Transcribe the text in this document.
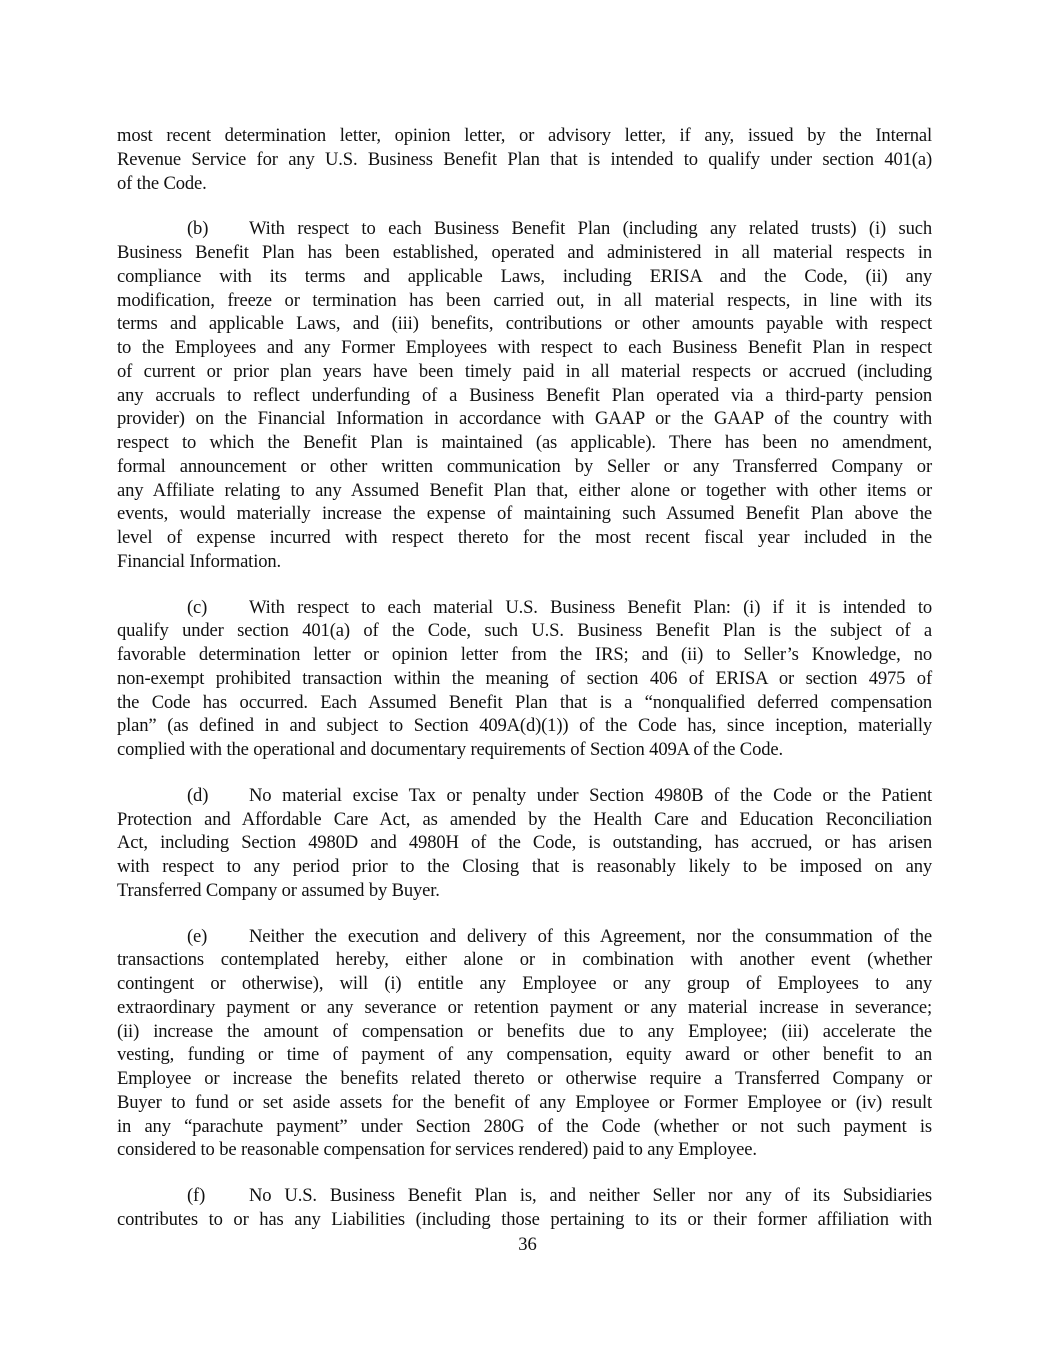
most recent determination letter, opinion letter, or advisory letter, if any, issued by the Internal
Revenue Service for any U.S. Business Benefit Plan that is intended to qualify under section 401(a)
of the Code.

(b) With respect to each Business Benefit Plan (including any related trusts) (i) such
Business Benefit Plan has been established, operated and administered in all material respects in
compliance with its terms and applicable Laws, including ERISA and the Code, (ii) any
modification, freeze or termination has been carried out, in all material respects, in line with its
terms and applicable Laws, and (iii) benefits, contributions or other amounts payable with respect
to the Employees and any Former Employees with respect to each Business Benefit Plan in respect
of current or prior plan years have been timely paid in all material respects or accrued (including
any accruals to reflect underfunding of a Business Benefit Plan operated via a third-party pension
provider) on the Financial Information in accordance with GAAP or the GAAP of the country with
respect to which the Benefit Plan is maintained (as applicable). There has been no amendment,
formal announcement or other written communication by Seller or any Transferred Company or
any Affiliate relating to any Assumed Benefit Plan that, either alone or together with other items or
events, would materially increase the expense of maintaining such Assumed Benefit Plan above the
level of expense incurred with respect thereto for the most recent fiscal year included in the
Financial Information.

(c) With respect to each material U.S. Business Benefit Plan: (i) if it is intended to
qualify under section 401(a) of the Code, such U.S. Business Benefit Plan is the subject of a
favorable determination letter or opinion letter from the IRS; and (ii) to Seller’s Knowledge, no
non-exempt prohibited transaction within the meaning of section 406 of ERISA or section 4975 of
the Code has occurred. Each Assumed Benefit Plan that is a “nonqualified deferred compensation
plan” (as defined in and subject to Section 409A(d)(1)) of the Code has, since inception, materially
complied with the operational and documentary requirements of Section 409A of the Code.

(d) No material excise Tax or penalty under Section 4980B of the Code or the Patient
Protection and Affordable Care Act, as amended by the Health Care and Education Reconciliation
Act, including Section 4980D and 4980H of the Code, is outstanding, has accrued, or has arisen
with respect to any period prior to the Closing that is reasonably likely to be imposed on any
Transferred Company or assumed by Buyer.

(e) Neither the execution and delivery of this Agreement, nor the consummation of the
transactions contemplated hereby, either alone or in combination with another event (whether
contingent or otherwise), will (i) entitle any Employee or any group of Employees to any
extraordinary payment or any severance or retention payment or any material increase in severance;
(ii) increase the amount of compensation or benefits due to any Employee; (iii) accelerate the
vesting, funding or time of payment of any compensation, equity award or other benefit to an
Employee or increase the benefits related thereto or otherwise require a Transferred Company or
Buyer to fund or set aside assets for the benefit of any Employee or Former Employee or (iv) result
in any “parachute payment” under Section 280G of the Code (whether or not such payment is
considered to be reasonable compensation for services rendered) paid to any Employee.

(f) No U.S. Business Benefit Plan is, and neither Seller nor any of its Subsidiaries
contributes to or has any Liabilities (including those pertaining to its or their former affiliation with

36
